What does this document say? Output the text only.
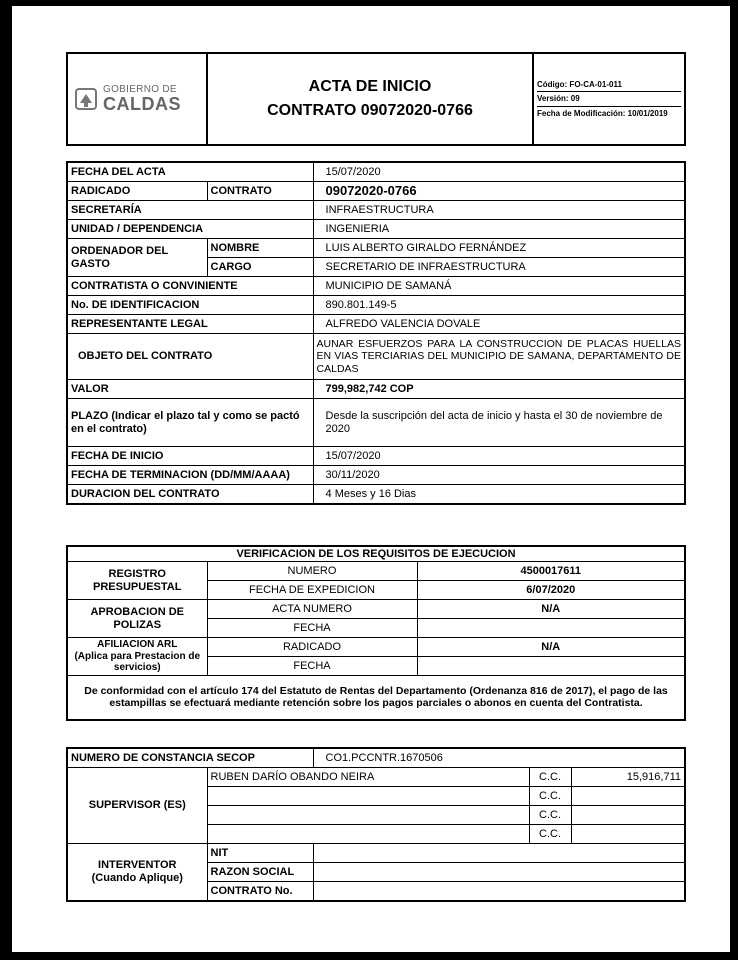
GOBIERNO DE
CALDAS

ACTA DE INICIO
CONTRATO 09072020-0766

Código: FO-CA-01-011
Versión: 09
Fecha de Modificación: 10/01/2019
FECHA DEL ACTA		15/07/2020
RADICADO	CONTRATO	09072020-0766
SECRETARÍA		INFRAESTRUCTURA
UNIDAD / DEPENDENCIA		INGENIERIA
ORDENADOR DEL GASTO	NOMBRE	LUIS ALBERTO GIRALDO FERNÁNDEZ
	CARGO	SECRETARIO DE INFRAESTRUCTURA
CONTRATISTA O CONVINIENTE		MUNICIPIO DE SAMANÁ
No. DE IDENTIFICACION		890.801.149-5
REPRESENTANTE LEGAL		ALFREDO VALENCIA DOVALE
OBJETO DEL CONTRATO		AUNAR ESFUERZOS PARA LA CONSTRUCCION DE PLACAS HUELLAS EN VIAS TERCIARIAS DEL MUNICIPIO DE SAMANA, DEPARTAMENTO DE CALDAS
VALOR		799,982,742 COP
PLAZO (Indicar el plazo tal y como se pactó en el contrato)		Desde la suscripción del acta de inicio y hasta el 30 de noviembre de 2020
FECHA DE INICIO		15/07/2020
FECHA DE TERMINACION (DD/MM/AAAA)		30/11/2020
DURACION DEL CONTRATO		4 Meses y 16 Dias
VERIFICACION DE LOS REQUISITOS DE EJECUCION		
REGISTRO PRESUPUESTAL	NUMERO	4500017611
	FECHA DE EXPEDICION	6/07/2020
APROBACION DE POLIZAS	ACTA NUMERO	N/A
	FECHA	

AFILIACION ARL
(Aplica para Prestacion de servicios)	RADICADO	N/A
	FECHA	
De conformidad con el artículo 174 del Estatuto de Rentas del Departamento (Ordenanza 816 de 2017), el pago de las estampillas se efectuará mediante retención sobre los pagos parciales o abonos en cuenta del Contratista.		
NUMERO DE CONSTANCIA SECOP		CO1.PCCNTR.1670506		
SUPERVISOR (ES)	RUBEN DARÍO OBANDO NEIRA		C.C.	15,916,711
			C.C.	
			C.C.	
			C.C.	

INTERVENTOR
(Cuando Aplique)	NIT			
	RAZON SOCIAL			
	CONTRATO No.			
